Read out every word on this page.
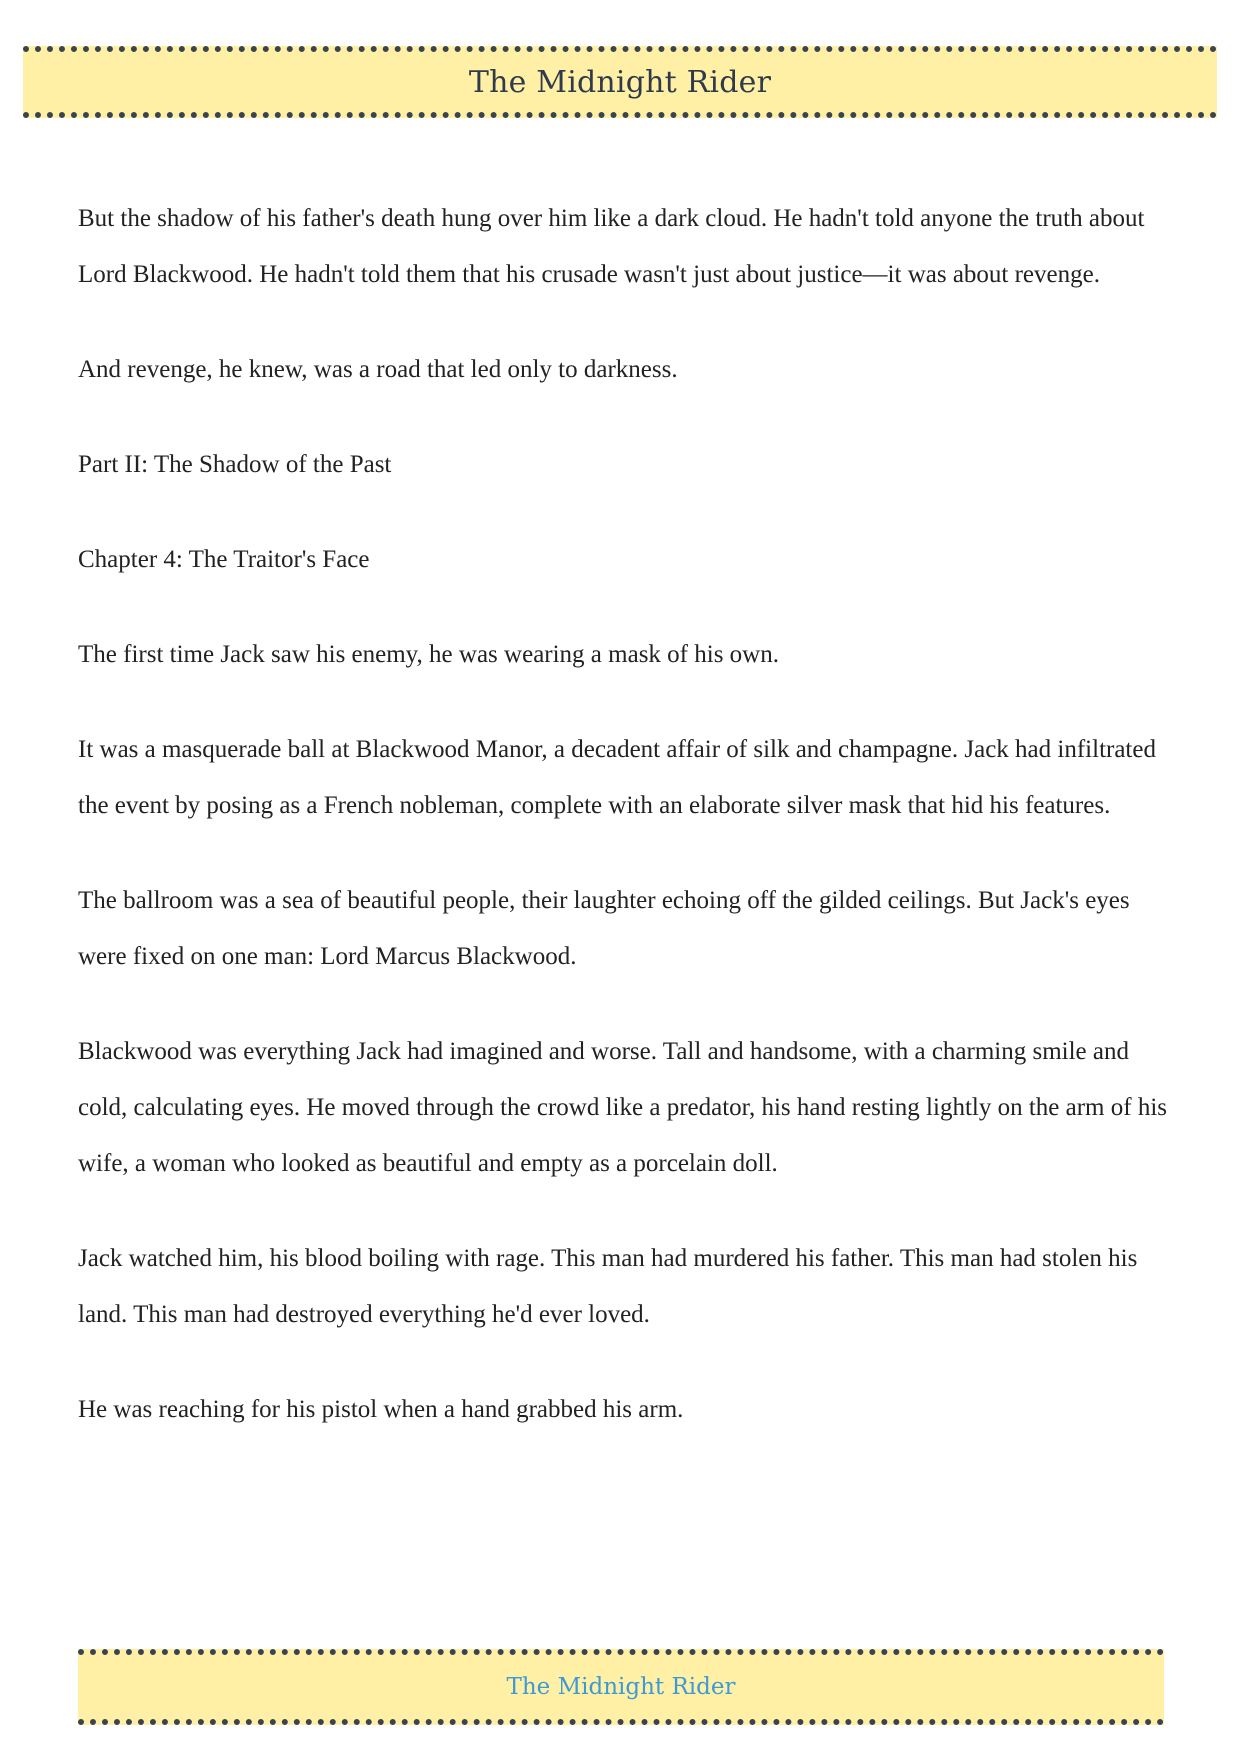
The Midnight Rider

But the shadow of his father's death hung over him like a dark cloud. He hadn't told anyone the truth about Lord Blackwood. He hadn't told them that his crusade wasn't just about justice—it was about revenge.

And revenge, he knew, was a road that led only to darkness.

Part II: The Shadow of the Past

Chapter 4: The Traitor's Face

The first time Jack saw his enemy, he was wearing a mask of his own.

It was a masquerade ball at Blackwood Manor, a decadent affair of silk and champagne. Jack had infiltrated the event by posing as a French nobleman, complete with an elaborate silver mask that hid his features.

The ballroom was a sea of beautiful people, their laughter echoing off the gilded ceilings. But Jack's eyes were fixed on one man: Lord Marcus Blackwood.

Blackwood was everything Jack had imagined and worse. Tall and handsome, with a charming smile and cold, calculating eyes. He moved through the crowd like a predator, his hand resting lightly on the arm of his wife, a woman who looked as beautiful and empty as a porcelain doll.

Jack watched him, his blood boiling with rage. This man had murdered his father. This man had stolen his land. This man had destroyed everything he'd ever loved.

He was reaching for his pistol when a hand grabbed his arm.

The Midnight Rider
